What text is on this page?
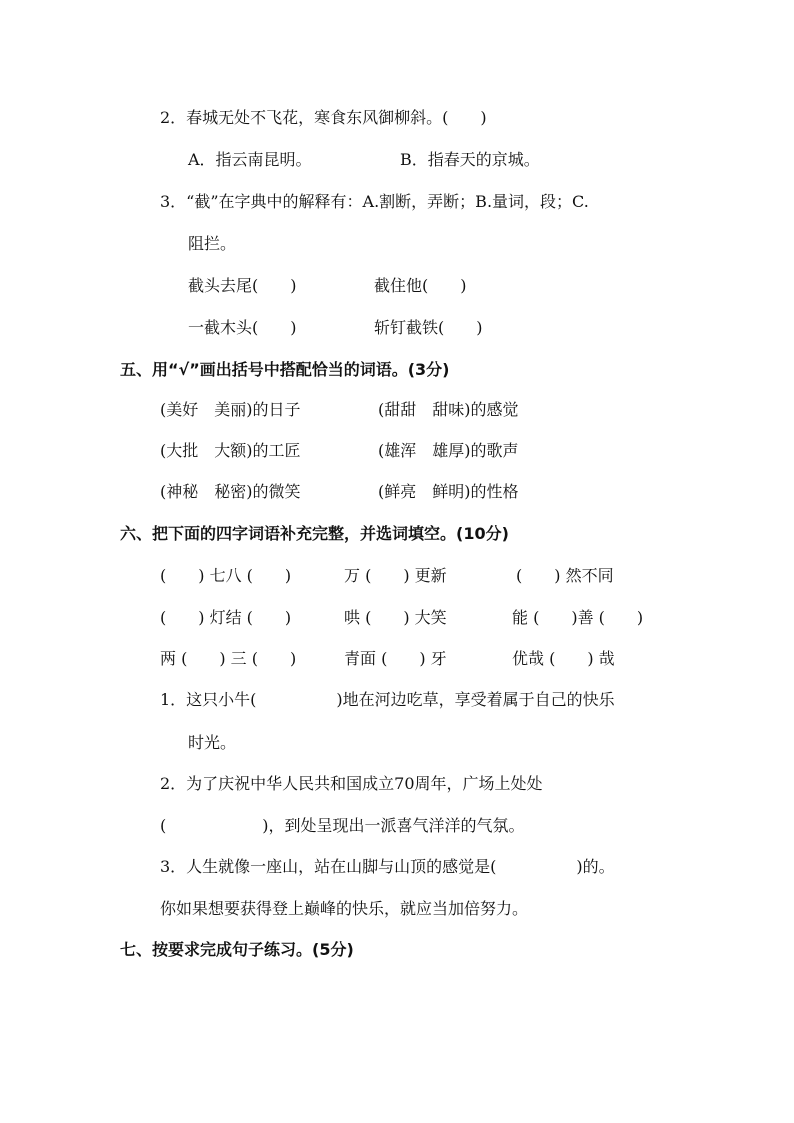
2．春城无处不飞花，寒食东风御柳斜。(　　)
A．指云南昆明。	B．指春天的京城。
3．“截”在字典中的解释有：A.割断，弄断；B.量词，段；C.
阻拦。
截头去尾(　　)	截住他(　　)
一截木头(　　)	斩钉截铁(　　)
五、用“√”画出括号中搭配恰当的词语。(3分)
(美好　美丽)的日子	(甜甜　甜味)的感觉
(大批　大额)的工匠	(雄浑　雄厚)的歌声
(神秘　秘密)的微笑	(鲜亮　鲜明)的性格
六、把下面的四字词语补充完整，并选词填空。(10分)
(　　) 七八 (　　)	万 (　　) 更新	(　　) 然不同
(　　) 灯结 (　　)	哄 (　　) 大笑	能 (　　)善 (　　)
两 (　　) 三 (　　)	青面 (　　) 牙	优哉 (　　) 哉
1．这只小牛(　　　　　)地在河边吃草，享受着属于自己的快乐
时光。
2．为了庆祝中华人民共和国成立70周年，广场上处处
(　　　　　　)，到处呈现出一派喜气洋洋的气氛。
3．人生就像一座山，站在山脚与山顶的感觉是(　　　　　)的。
你如果想要获得登上巅峰的快乐，就应当加倍努力。
七、按要求完成句子练习。(5分)
